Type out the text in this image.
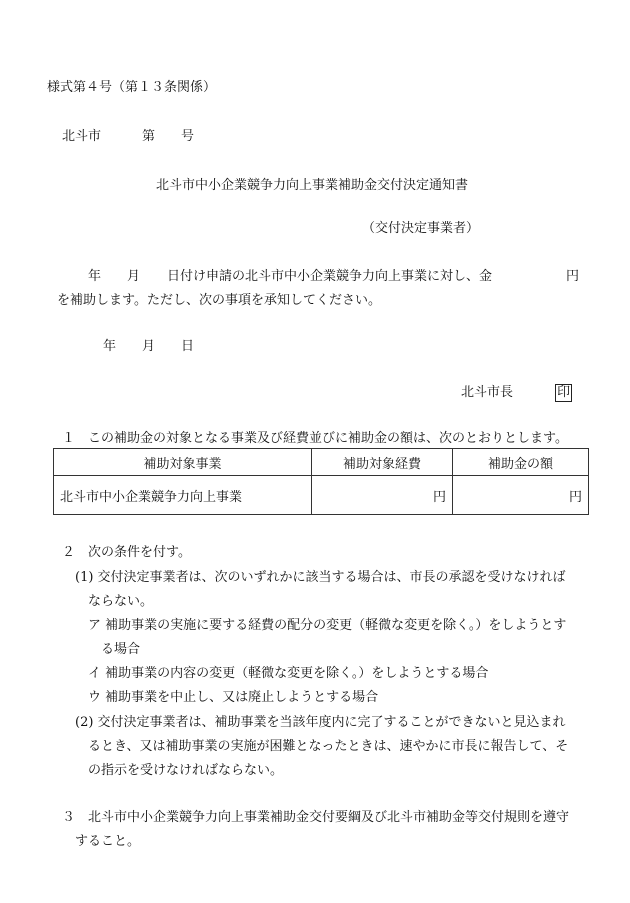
様式第４号（第１３条関係）
北斗市	第 号
北斗市中小企業競争力向上事業補助金交付決定通知書
（交付決定事業者）
年 月 日付け申請の北斗市中小企業競争力向上事業に対し、金	円
を補助します。ただし、次の事項を承知してください。
年 月 日
北斗市長	印
１　この補助金の対象となる事業及び経費並びに補助金の額は、次のとおりとします。
補助対象事業	補助対象経費	補助金の額
北斗市中小企業競争力向上事業	円	円
２　次の条件を付す。
(1) 交付決定事業者は、次のいずれかに該当する場合は、市長の承認を受けなければ
ならない。
ア 補助事業の実施に要する経費の配分の変更（軽微な変更を除く。）をしようとす
る場合
イ 補助事業の内容の変更（軽微な変更を除く。）をしようとする場合
ウ 補助事業を中止し、又は廃止しようとする場合
(2) 交付決定事業者は、補助事業を当該年度内に完了することができないと見込まれ
るとき、又は補助事業の実施が困難となったときは、速やかに市長に報告して、そ
の指示を受けなければならない。
３　北斗市中小企業競争力向上事業補助金交付要綱及び北斗市補助金等交付規則を遵守
すること。
